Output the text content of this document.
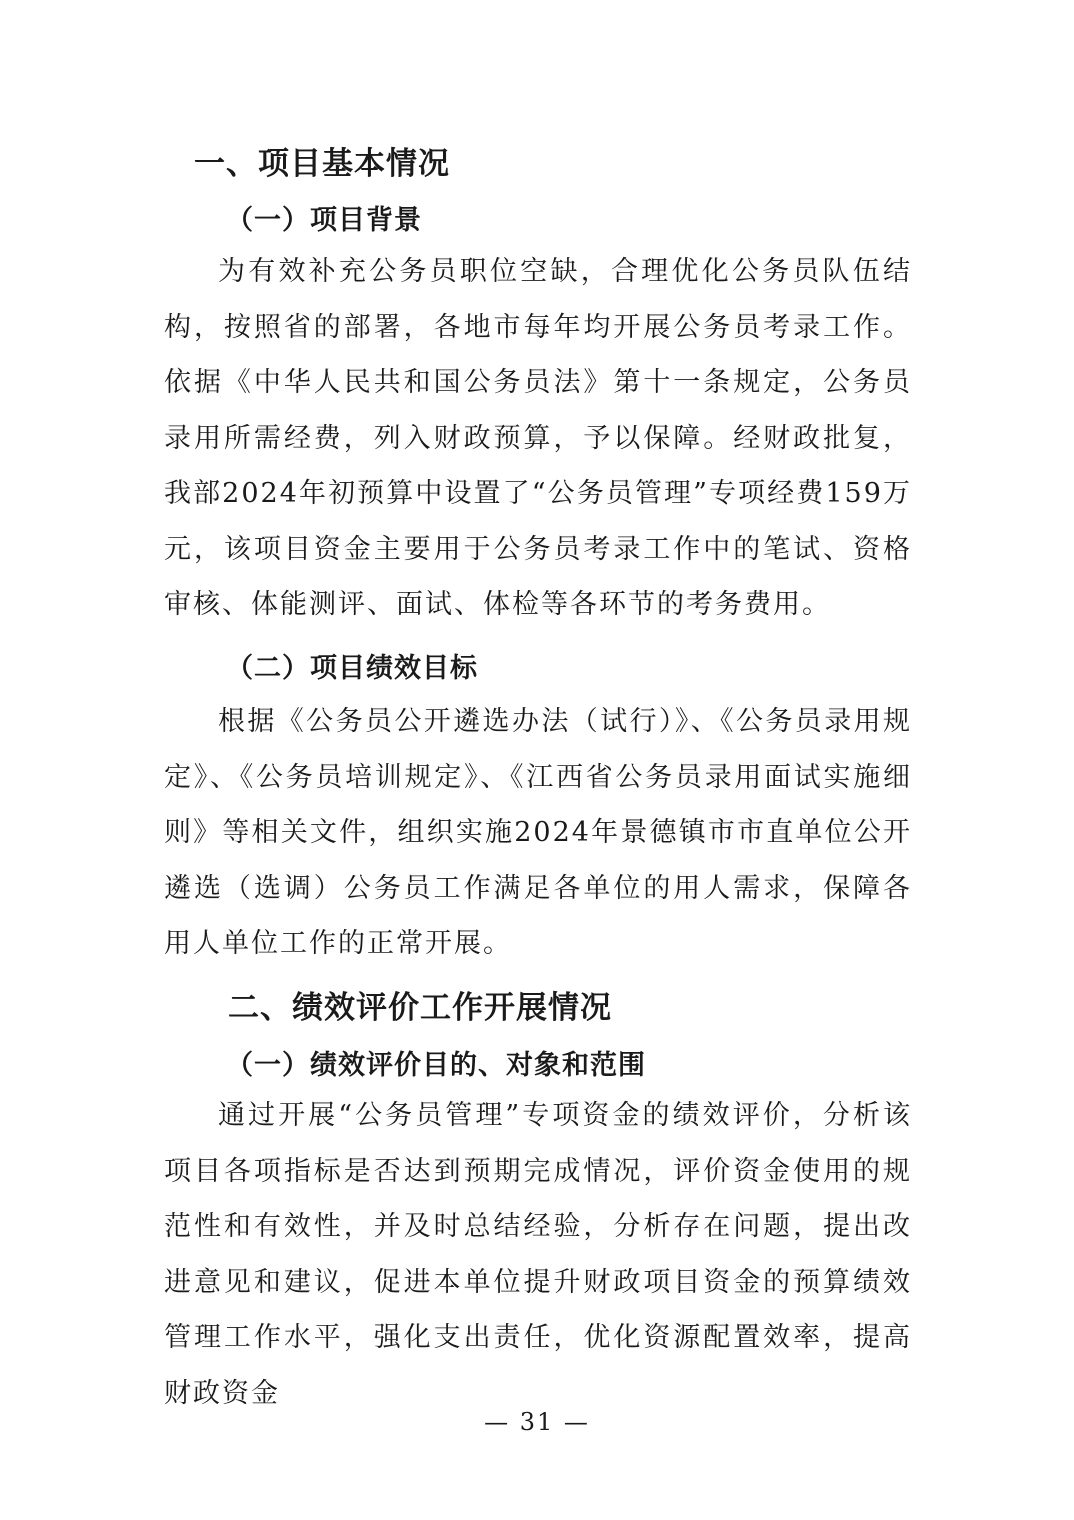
一、项目基本情况
（一）项目背景

为有效补充公务员职位空缺，合理优化公务员队伍结构，按照省的部署，各地市每年均开展公务员考录工作。依据《中华人民共和国公务员法》第十一条规定，公务员录用所需经费，列入财政预算，予以保障。经财政批复，我部2024年初预算中设置了“公务员管理”专项经费159万元，该项目资金主要用于公务员考录工作中的笔试、资格审核、体能测评、面试、体检等各环节的考务费用。

（二）项目绩效目标

根据《公务员公开遴选办法（试行）》、《公务员录用规定》、《公务员培训规定》、《江西省公务员录用面试实施细则》等相关文件，组织实施2024年景德镇市市直单位公开遴选（选调）公务员工作满足各单位的用人需求，保障各用人单位工作的正常开展。

二、绩效评价工作开展情况
（一）绩效评价目的、对象和范围

通过开展“公务员管理”专项资金的绩效评价，分析该项目各项指标是否达到预期完成情况，评价资金使用的规范性和有效性，并及时总结经验，分析存在问题，提出改进意见和建议，促进本单位提升财政项目资金的预算绩效管理工作水平，强化支出责任，优化资源配置效率，提高财政资金

— 31 —
